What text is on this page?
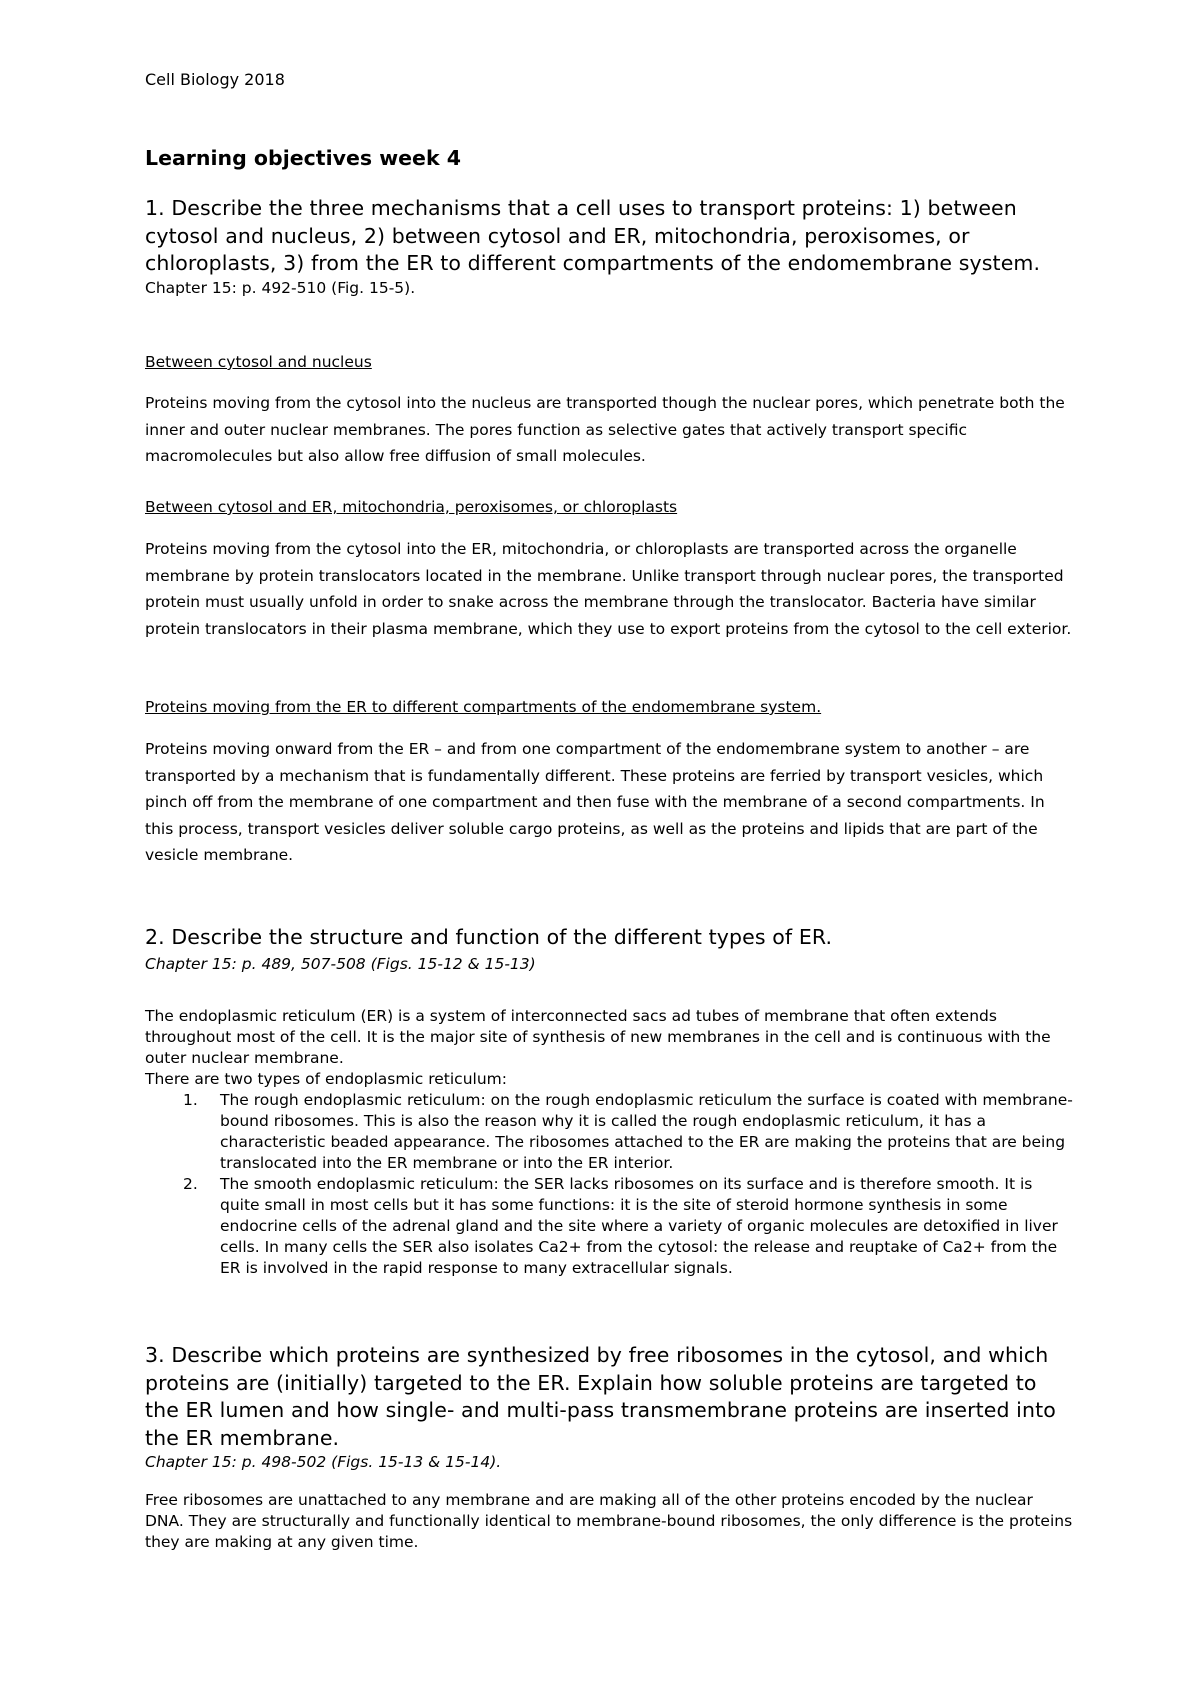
Cell Biology 2018

Learning objectives week 4

1. Describe the three mechanisms that a cell uses to transport proteins: 1) between cytosol and nucleus, 2) between cytosol and ER, mitochondria, peroxisomes, or chloroplasts, 3) from the ER to different compartments of the endomembrane system.

Chapter 15: p. 492-510 (Fig. 15-5).

Between cytosol and nucleus

Proteins moving from the cytosol into the nucleus are transported though the nuclear pores, which penetrate both the inner and outer nuclear membranes. The pores function as selective gates that actively transport specific macromolecules but also allow free diffusion of small molecules.

Between cytosol and ER, mitochondria, peroxisomes, or chloroplasts

Proteins moving from the cytosol into the ER, mitochondria, or chloroplasts are transported across the organelle membrane by protein translocators located in the membrane. Unlike transport through nuclear pores, the transported protein must usually unfold in order to snake across the membrane through the translocator. Bacteria have similar protein translocators in their plasma membrane, which they use to export proteins from the cytosol to the cell exterior.

Proteins moving from the ER to different compartments of the endomembrane system.

Proteins moving onward from the ER – and from one compartment of the endomembrane system to another – are transported by a mechanism that is fundamentally different. These proteins are ferried by transport vesicles, which pinch off from the membrane of one compartment and then fuse with the membrane of a second compartments. In this process, transport vesicles deliver soluble cargo proteins, as well as the proteins and lipids that are part of the vesicle membrane.

2. Describe the structure and function of the different types of ER.

Chapter 15: p. 489, 507-508 (Figs. 15-12 & 15-13)

The endoplasmic reticulum (ER) is a system of interconnected sacs ad tubes of membrane that often extends throughout most of the cell. It is the major site of synthesis of new membranes in the cell and is continuous with the outer nuclear membrane.

There are two types of endoplasmic reticulum:

1. The rough endoplasmic reticulum: on the rough endoplasmic reticulum the surface is coated with membrane-bound ribosomes. This is also the reason why it is called the rough endoplasmic reticulum, it has a characteristic beaded appearance. The ribosomes attached to the ER are making the proteins that are being translocated into the ER membrane or into the ER interior.
2. The smooth endoplasmic reticulum: the SER lacks ribosomes on its surface and is therefore smooth. It is quite small in most cells but it has some functions: it is the site of steroid hormone synthesis in some endocrine cells of the adrenal gland and the site where a variety of organic molecules are detoxified in liver cells. In many cells the SER also isolates Ca2+ from the cytosol: the release and reuptake of Ca2+ from the ER is involved in the rapid response to many extracellular signals.

3. Describe which proteins are synthesized by free ribosomes in the cytosol, and which proteins are (initially) targeted to the ER. Explain how soluble proteins are targeted to the ER lumen and how single- and multi-pass transmembrane proteins are inserted into the ER membrane.

Chapter 15: p. 498-502 (Figs. 15-13 & 15-14).

Free ribosomes are unattached to any membrane and are making all of the other proteins encoded by the nuclear DNA. They are structurally and functionally identical to membrane-bound ribosomes, the only difference is the proteins they are making at any given time.
